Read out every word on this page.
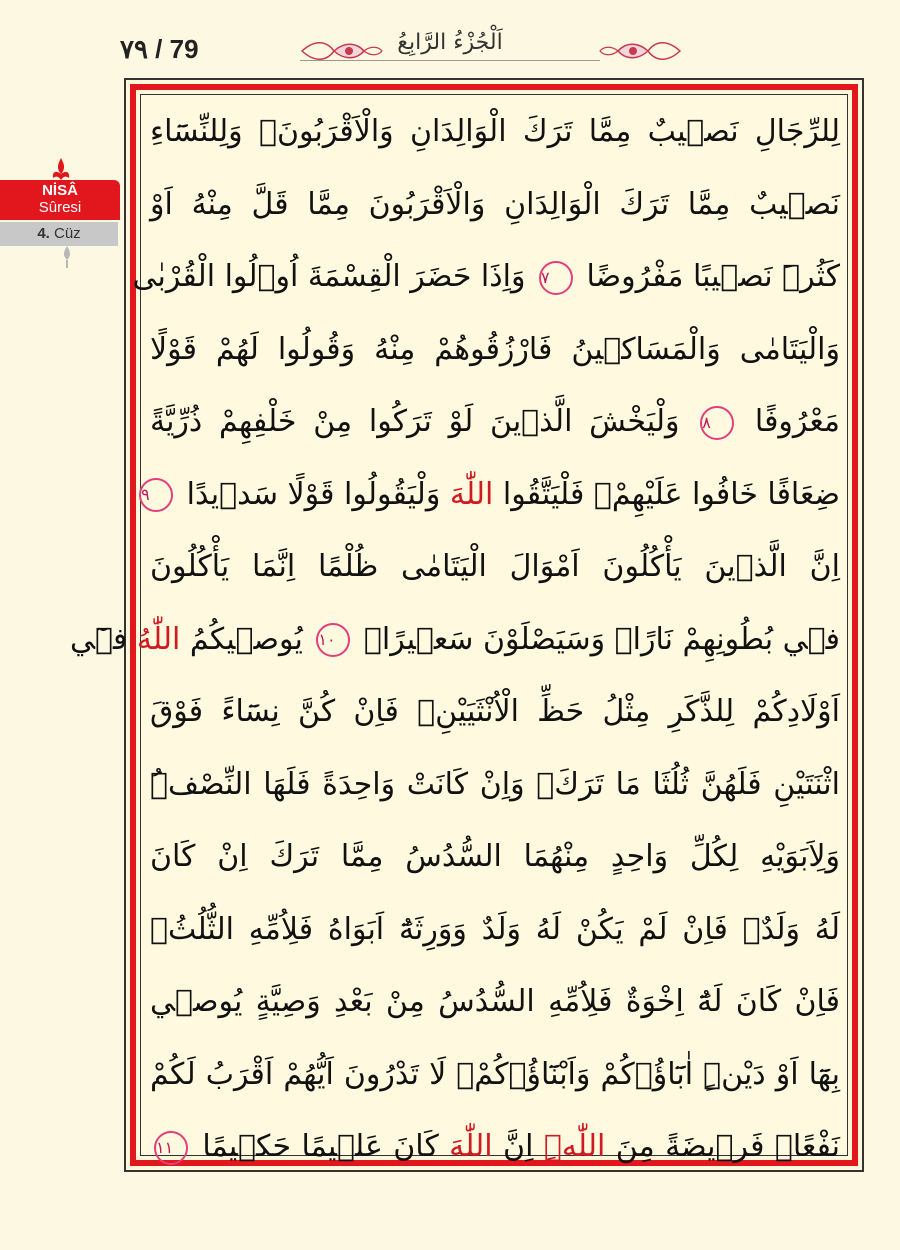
٧٩ / 79	اَلْجُزْءُ الرَّابِعُ
لِلرِّجَالِ نَص۪يبٌ مِمَّا تَرَكَ الْوَالِدَانِ وَالْاَقْرَبُونَۖ وَلِلنِّسَٓاءِ
نَص۪يبٌ مِمَّا تَرَكَ الْوَالِدَانِ وَالْاَقْرَبُونَ مِمَّا قَلَّ مِنْهُ اَوْ
كَثُرَۜ نَص۪يبًا مَفْرُوضًا ٧ وَاِذَا حَضَرَ الْقِسْمَةَ اُو۬لُوا الْقُرْبٰى
وَالْيَتَامٰى وَالْمَسَاك۪ينُ فَارْزُقُوهُمْ مِنْهُ وَقُولُوا لَهُمْ قَوْلًا
مَعْرُوفًا ٨ وَلْيَخْشَ الَّذ۪ينَ لَوْ تَرَكُوا مِنْ خَلْفِهِمْ ذُرِّيَّةً
ضِعَافًا خَافُوا عَلَيْهِمْۖ فَلْيَتَّقُوا اللّٰهَ وَلْيَقُولُوا قَوْلًا سَد۪يدًا ٩
اِنَّ الَّذ۪ينَ يَأْكُلُونَ اَمْوَالَ الْيَتَامٰى ظُلْمًا اِنَّمَا يَأْكُلُونَ
ف۪ي بُطُونِهِمْ نَارًاۜ وَسَيَصْلَوْنَ سَع۪يرًا۟ ١٠ يُوص۪يكُمُ اللّٰهُ ف۪ٓي
اَوْلَادِكُمْ لِلذَّكَرِ مِثْلُ حَظِّ الْاُنْثَيَيْنِۚ فَاِنْ كُنَّ نِسَٓاءً فَوْقَ
اثْنَتَيْنِ فَلَهُنَّ ثُلُثَا مَا تَرَكَۚ وَاِنْ كَانَتْ وَاحِدَةً فَلَهَا النِّصْفُۜ
وَلِاَبَوَيْهِ لِكُلِّ وَاحِدٍ مِنْهُمَا السُّدُسُ مِمَّا تَرَكَ اِنْ كَانَ
لَهُ وَلَدٌۚ فَاِنْ لَمْ يَكُنْ لَهُ وَلَدٌ وَوَرِثَهُٓ اَبَوَاهُ فَلِاُمِّهِ الثُّلُثُۚ
فَاِنْ كَانَ لَهُٓ اِخْوَةٌ فَلِاُمِّهِ السُّدُسُ مِنْ بَعْدِ وَصِيَّةٍ يُوص۪ي
بِهَٓا اَوْ دَيْنٍۜ اٰبَٓاؤُ۬كُمْ وَاَبْنَٓاؤُ۬كُمْۚ لَا تَدْرُونَ اَيُّهُمْ اَقْرَبُ لَكُمْ
نَفْعًاۜ فَر۪يضَةً مِنَ اللّٰهِۜ اِنَّ اللّٰهَ كَانَ عَل۪يمًا حَك۪يمًا ١١
NİSÂ
Sûresi
4. Cüz
